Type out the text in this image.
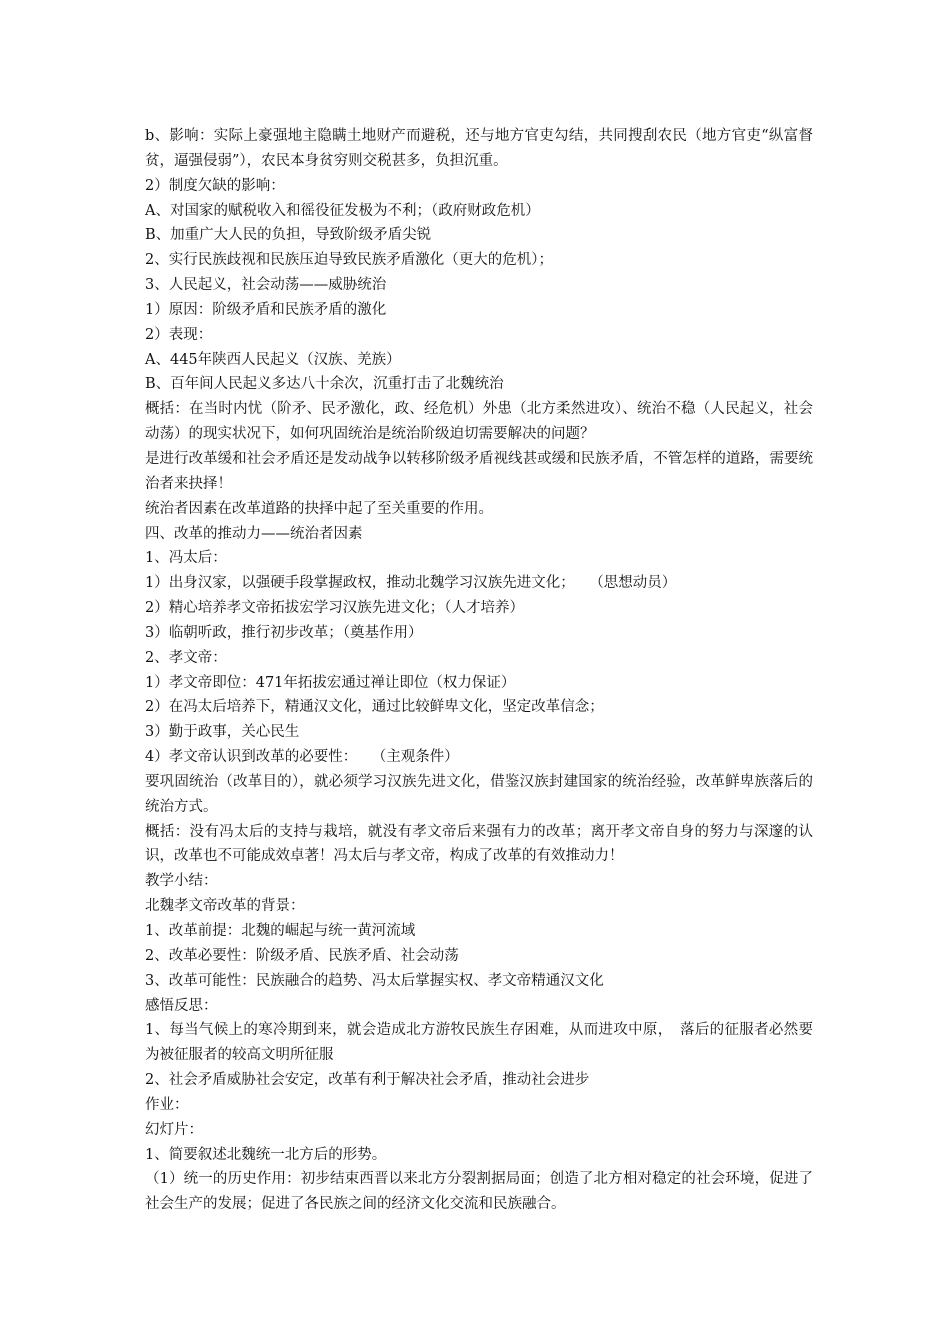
b、影响：实际上豪强地主隐瞒土地财产而避税，还与地方官吏勾结，共同搜刮农民（地方官吏“纵富督贫，逼强侵弱”），农民本身贫穷则交税甚多，负担沉重。
2）制度欠缺的影响：
A、对国家的赋税收入和徭役征发极为不利；（政府财政危机）
B、加重广大人民的负担，导致阶级矛盾尖锐
2、实行民族歧视和民族压迫导致民族矛盾激化（更大的危机）；
3、人民起义，社会动荡——威胁统治
1）原因：阶级矛盾和民族矛盾的激化
2）表现：
A、445年陕西人民起义（汉族、羌族）
B、百年间人民起义多达八十余次，沉重打击了北魏统治
概括：在当时内忧（阶矛、民矛激化，政、经危机）外患（北方柔然进攻）、统治不稳（人民起义，社会动荡）的现实状况下，如何巩固统治是统治阶级迫切需要解决的问题？
是进行改革缓和社会矛盾还是发动战争以转移阶级矛盾视线甚或缓和民族矛盾，不管怎样的道路，需要统治者来抉择！
统治者因素在改革道路的抉择中起了至关重要的作用。
四、改革的推动力——统治者因素
1、冯太后：
1）出身汉家，以强硬手段掌握政权，推动北魏学习汉族先进文化；　　（思想动员）
2）精心培养孝文帝拓拔宏学习汉族先进文化；（人才培养）
3）临朝听政，推行初步改革；（奠基作用）
2、孝文帝：
1）孝文帝即位：471年拓拔宏通过禅让即位（权力保证）
2）在冯太后培养下，精通汉文化，通过比较鲜卑文化，坚定改革信念；
3）勤于政事，关心民生
4）孝文帝认识到改革的必要性：　　（主观条件）
要巩固统治（改革目的），就必须学习汉族先进文化，借鉴汉族封建国家的统治经验，改革鲜卑族落后的统治方式。
概括：没有冯太后的支持与栽培，就没有孝文帝后来强有力的改革；离开孝文帝自身的努力与深邃的认识，改革也不可能成效卓著！冯太后与孝文帝，构成了改革的有效推动力！
教学小结：
北魏孝文帝改革的背景：
1、改革前提：北魏的崛起与统一黄河流域
2、改革必要性：阶级矛盾、民族矛盾、社会动荡
3、改革可能性：民族融合的趋势、冯太后掌握实权、孝文帝精通汉文化
感悟反思：
1、每当气候上的寒冷期到来，就会造成北方游牧民族生存困难，从而进攻中原，　落后的征服者必然要为被征服者的较高文明所征服
2、社会矛盾威胁社会安定，改革有利于解决社会矛盾，推动社会进步
作业：
幻灯片：
1、简要叙述北魏统一北方后的形势。
（1）统一的历史作用：初步结束西晋以来北方分裂割据局面；创造了北方相对稳定的社会环境，促进了社会生产的发展；促进了各民族之间的经济文化交流和民族融合。
